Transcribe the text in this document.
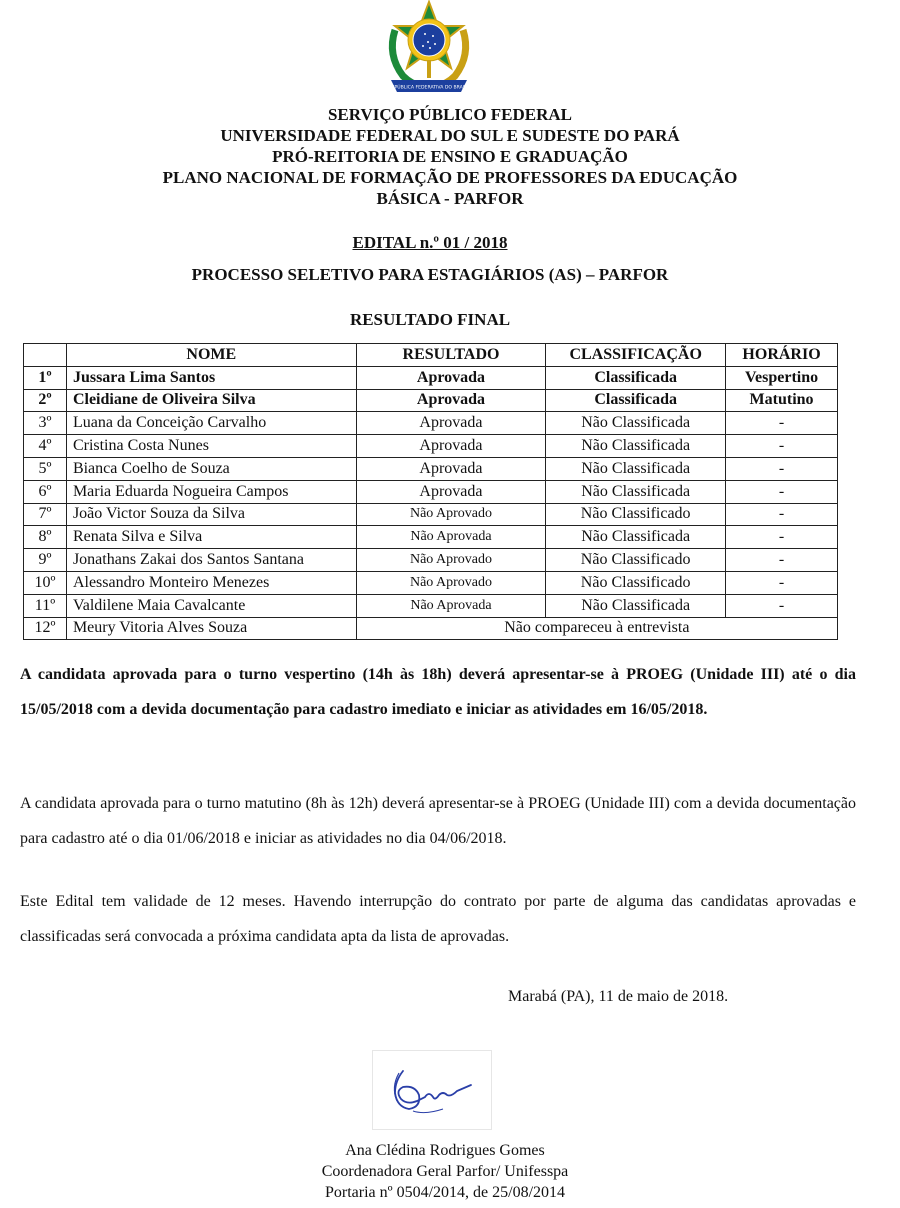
REPÚBLICA FEDERATIVA DO BRASIL
SERVIÇO PÚBLICO FEDERAL
UNIVERSIDADE FEDERAL DO SUL E SUDESTE DO PARÁ
PRÓ-REITORIA DE ENSINO E GRADUAÇÃO
PLANO NACIONAL DE FORMAÇÃO DE PROFESSORES DA EDUCAÇÃO
BÁSICA - PARFOR
EDITAL n.º 01 / 2018
PROCESSO SELETIVO PARA ESTAGIÁRIOS (AS) – PARFOR
RESULTADO FINAL
	NOME	RESULTADO	CLASSIFICAÇÃO	HORÁRIO
1º	Jussara Lima Santos	Aprovada	Classificada	Vespertino
2º	Cleidiane de Oliveira Silva	Aprovada	Classificada	Matutino
3º	Luana da Conceição Carvalho	Aprovada	Não Classificada	-
4º	Cristina Costa Nunes	Aprovada	Não Classificada	-
5º	Bianca Coelho de Souza	Aprovada	Não Classificada	-
6º	Maria Eduarda Nogueira Campos	Aprovada	Não Classificada	-
7º	João Victor Souza da Silva	Não Aprovado	Não Classificado	-
8º	Renata Silva e Silva	Não Aprovada	Não Classificada	-
9º	Jonathans Zakai dos Santos Santana	Não Aprovado	Não Classificado	-
10º	Alessandro Monteiro Menezes	Não Aprovado	Não Classificado	-
11º	Valdilene Maia Cavalcante	Não Aprovada	Não Classificada	-
12º	Meury Vitoria Alves Souza	Não compareceu à entrevista		
A candidata aprovada para o turno vespertino (14h às 18h) deverá apresentar-se à PROEG (Unidade III) até o dia 15/05/2018 com a devida documentação para cadastro imediato e iniciar as atividades em 16/05/2018.
A candidata aprovada para o turno matutino (8h às 12h) deverá apresentar-se à PROEG (Unidade III) com a devida documentação para cadastro até o dia 01/06/2018 e iniciar as atividades no dia 04/06/2018.
Este Edital tem validade de 12 meses. Havendo interrupção do contrato por parte de alguma das candidatas aprovadas e classificadas será convocada a próxima candidata apta da lista de aprovadas.
Marabá (PA), 11 de maio de 2018.
Ana Clédina Rodrigues Gomes
Coordenadora Geral Parfor/ Unifesspa
Portaria nº 0504/2014, de 25/08/2014
